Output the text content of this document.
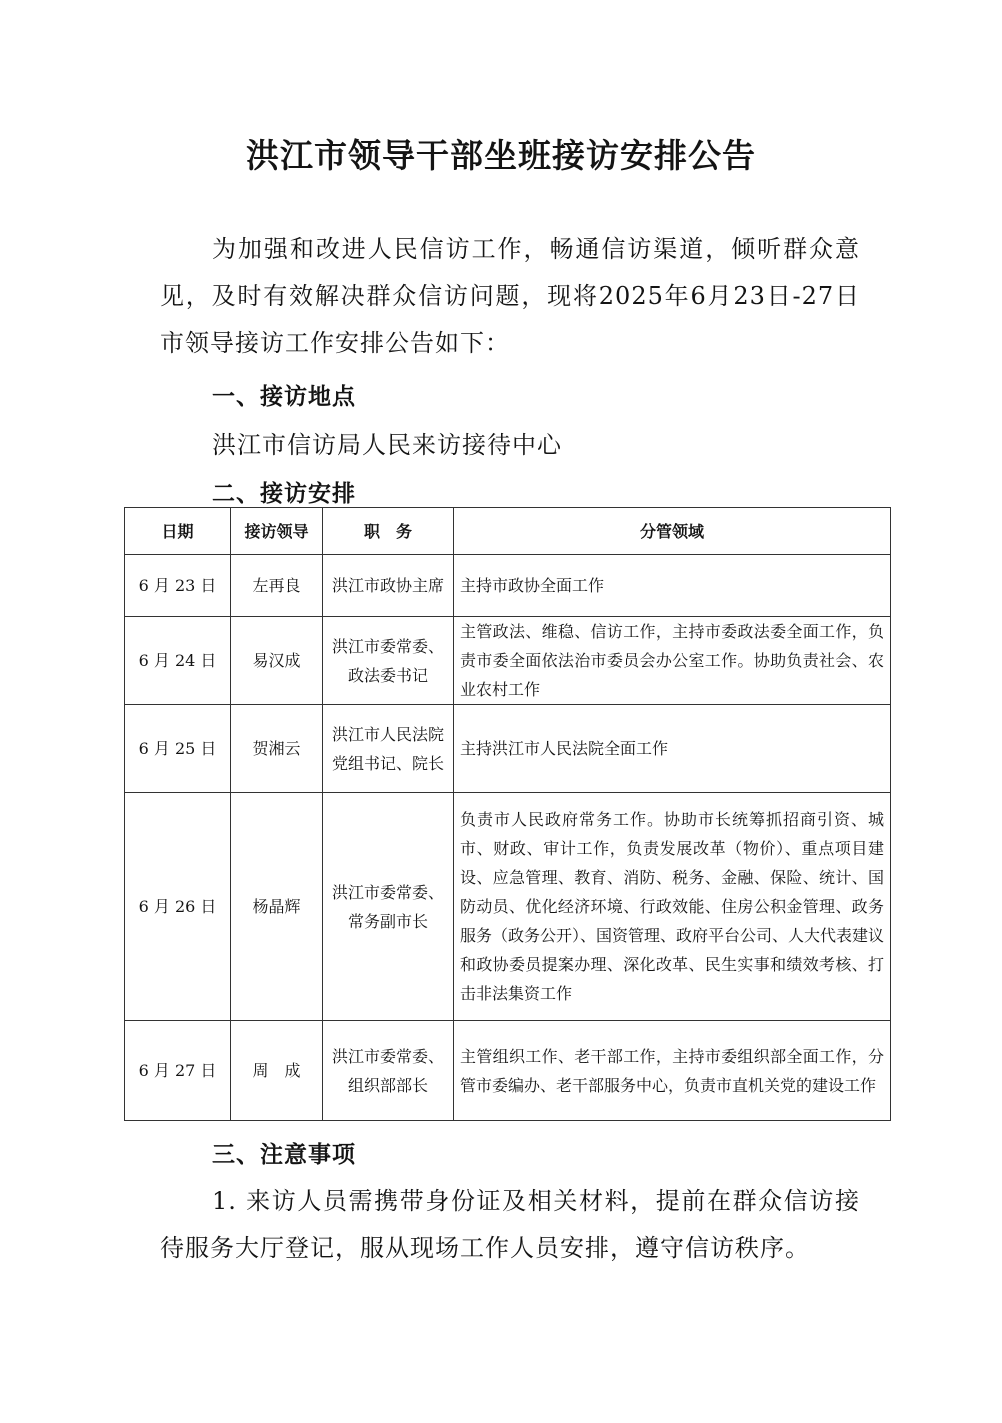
洪江市领导干部坐班接访安排公告

为加强和改进人民信访工作，畅通信访渠道，倾听群众意见，及时有效解决群众信访问题，现将2025年6月23日-27日市领导接访工作安排公告如下：

一、接访地点

洪江市信访局人民来访接待中心

二、接访安排
日期	接访领导	职　务	分管领域
6 月 23 日	左再良	洪江市政协主席	主持市政协全面工作
6 月 24 日	易汉成	洪江市委常委、政法委书记	主管政法、维稳、信访工作，主持市委政法委全面工作，负责市委全面依法治市委员会办公室工作。协助负责社会、农业农村工作
6 月 25 日	贺湘云	洪江市人民法院党组书记、院长	主持洪江市人民法院全面工作
6 月 26 日	杨晶辉	洪江市委常委、常务副市长	负责市人民政府常务工作。协助市长统筹抓招商引资、城市、财政、审计工作，负责发展改革（物价）、重点项目建设、应急管理、教育、消防、税务、金融、保险、统计、国防动员、优化经济环境、行政效能、住房公积金管理、政务服务（政务公开）、国资管理、政府平台公司、人大代表建议和政协委员提案办理、深化改革、民生实事和绩效考核、打击非法集资工作
6 月 27 日	周　成	洪江市委常委、组织部部长	主管组织工作、老干部工作，主持市委组织部全面工作，分管市委编办、老干部服务中心，负责市直机关党的建设工作
三、注意事项

1. 来访人员需携带身份证及相关材料，提前在群众信访接待服务大厅登记，服从现场工作人员安排，遵守信访秩序。
